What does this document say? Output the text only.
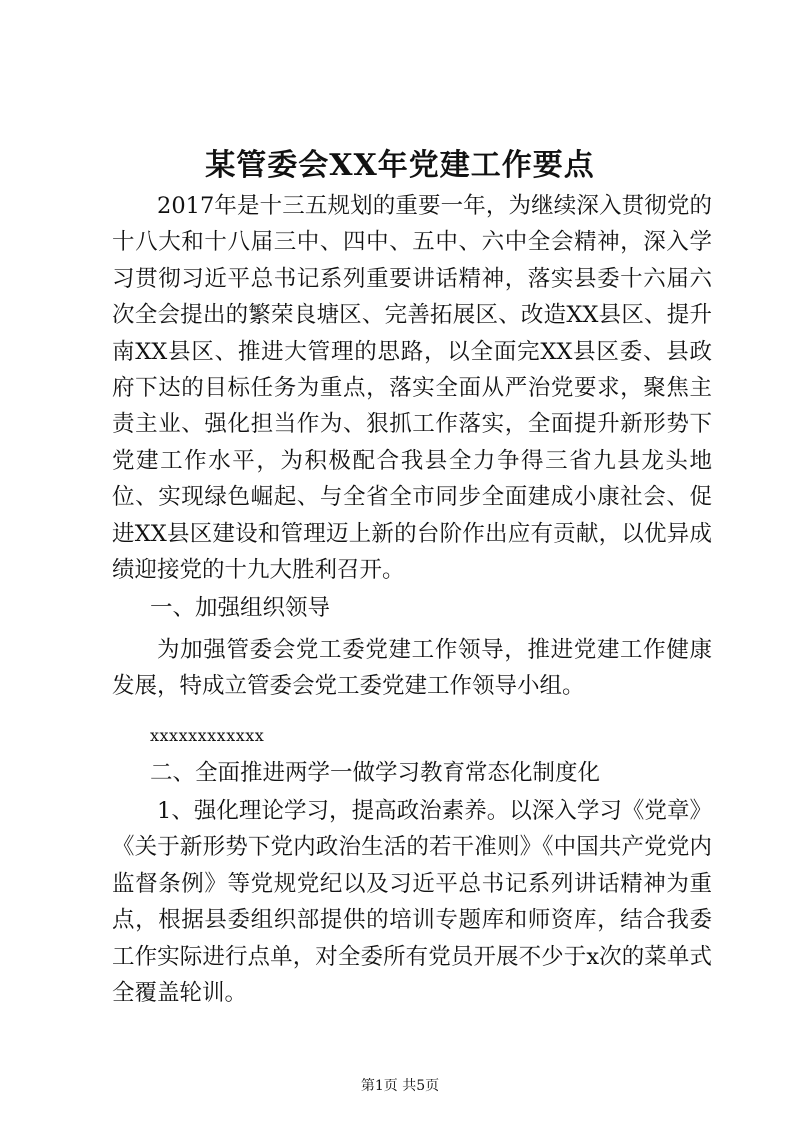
某管委会XX年党建工作要点

2017年是十三五规划的重要一年，为继续深入贯彻党的十八大和十八届三中、四中、五中、六中全会精神，深入学习贯彻习近平总书记系列重要讲话精神，落实县委十六届六次全会提出的繁荣良塘区、完善拓展区、改造XX县区、提升南XX县区、推进大管理的思路，以全面完XX县区委、县政府下达的目标任务为重点，落实全面从严治党要求，聚焦主责主业、强化担当作为、狠抓工作落实，全面提升新形势下党建工作水平，为积极配合我县全力争得三省九县龙头地位、实现绿色崛起、与全省全市同步全面建成小康社会、促进XX县区建设和管理迈上新的台阶作出应有贡献，以优异成绩迎接党的十九大胜利召开。

一、加强组织领导

为加强管委会党工委党建工作领导，推进党建工作健康发展，特成立管委会党工委党建工作领导小组。

xxxxxxxxxxxx

二、全面推进两学一做学习教育常态化制度化

1、强化理论学习，提高政治素养。以深入学习《党章》《关于新形势下党内政治生活的若干准则》《中国共产党党内监督条例》等党规党纪以及习近平总书记系列讲话精神为重点，根据县委组织部提供的培训专题库和师资库，结合我委工作实际进行点单，对全委所有党员开展不少于x次的菜单式全覆盖轮训。

第1页 共5页
